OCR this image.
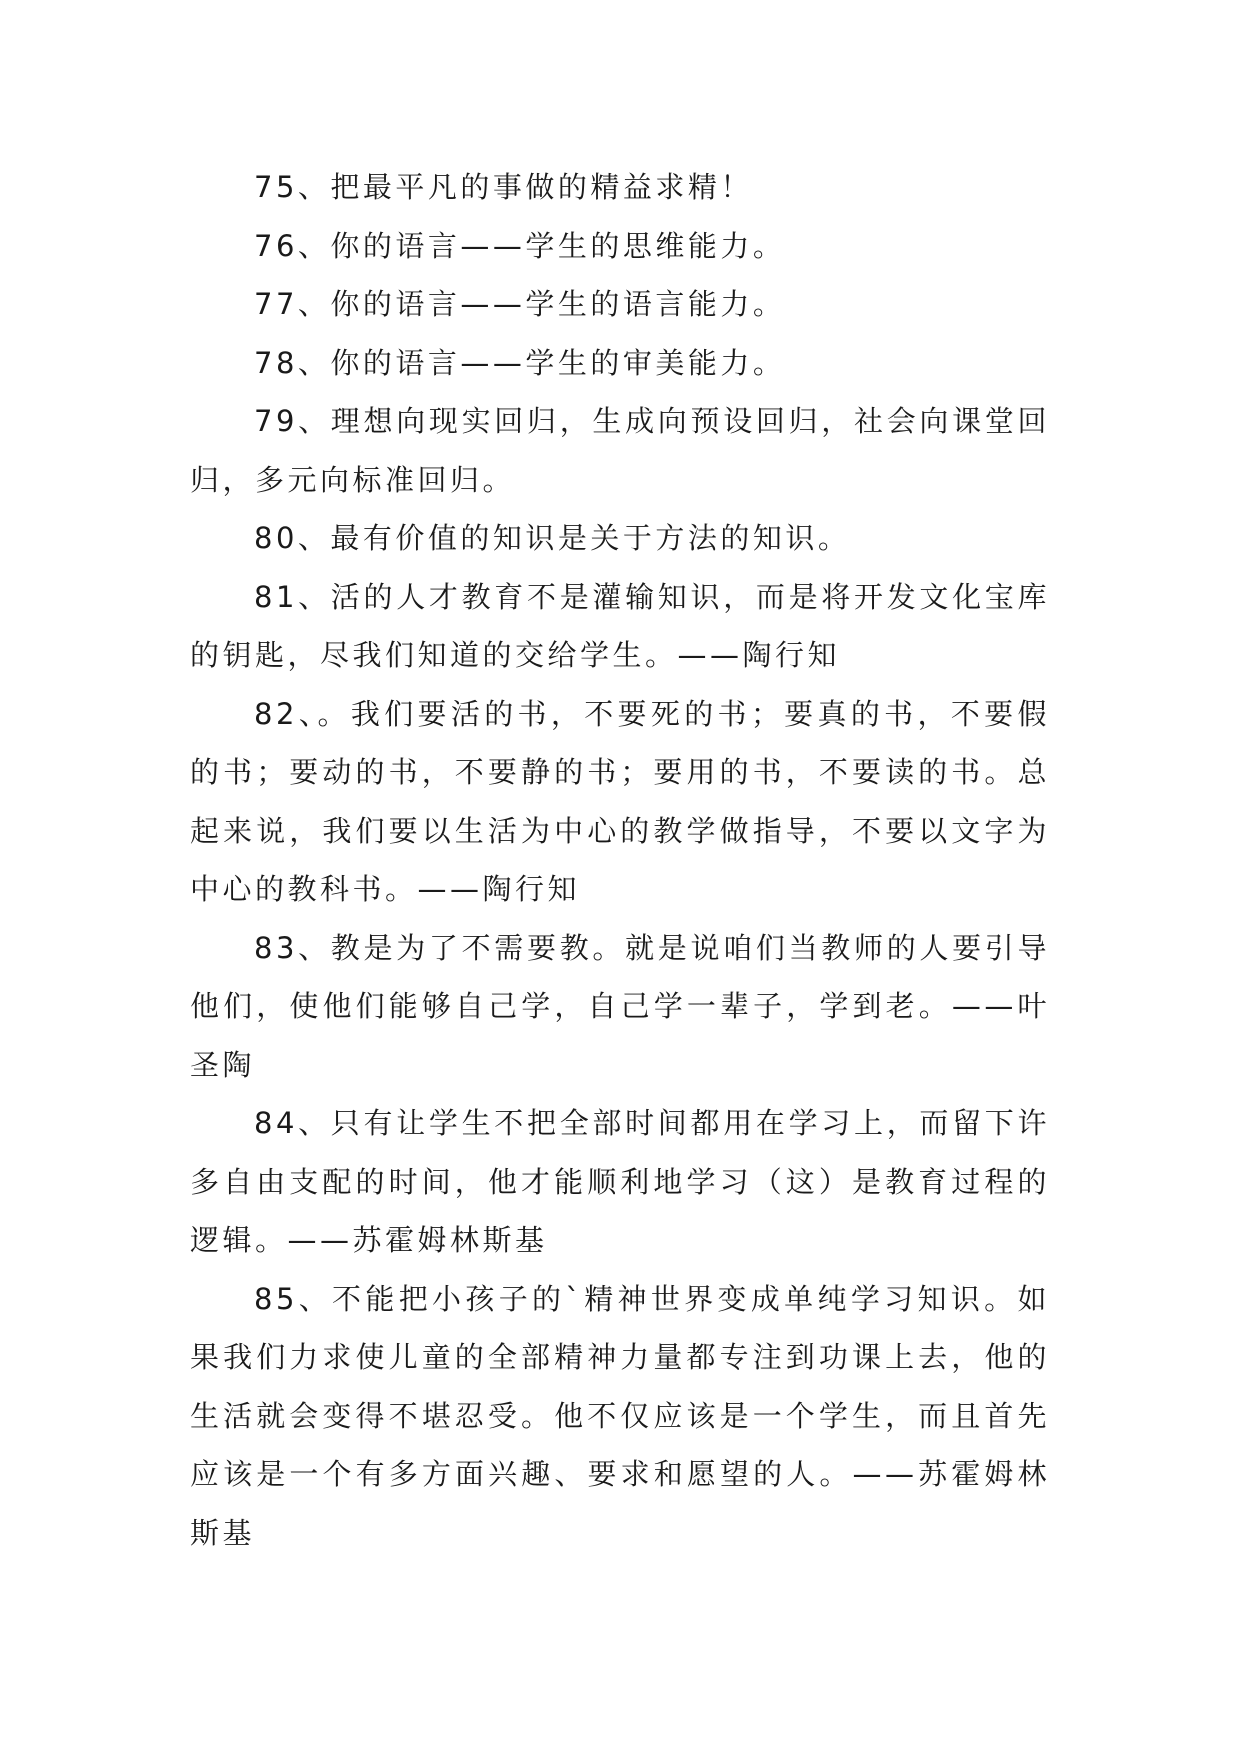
75、把最平凡的事做的精益求精！

76、你的语言——学生的思维能力。

77、你的语言——学生的语言能力。

78、你的语言——学生的审美能力。

79、理想向现实回归，生成向预设回归，社会向课堂回归，多元向标准回归。

80、最有价值的知识是关于方法的知识。

81、活的人才教育不是灌输知识，而是将开发文化宝库的钥匙，尽我们知道的交给学生。——陶行知

82、。我们要活的书，不要死的书；要真的书，不要假的书；要动的书，不要静的书；要用的书，不要读的书。总起来说，我们要以生活为中心的教学做指导，不要以文字为中心的教科书。——陶行知

83、教是为了不需要教。就是说咱们当教师的人要引导他们，使他们能够自己学，自己学一辈子，学到老。——叶圣陶

84、只有让学生不把全部时间都用在学习上，而留下许多自由支配的时间，他才能顺利地学习（这）是教育过程的逻辑。——苏霍姆林斯基

85、不能把小孩子的`精神世界变成单纯学习知识。如果我们力求使儿童的全部精神力量都专注到功课上去，他的生活就会变得不堪忍受。他不仅应该是一个学生，而且首先应该是一个有多方面兴趣、要求和愿望的人。——苏霍姆林斯基
